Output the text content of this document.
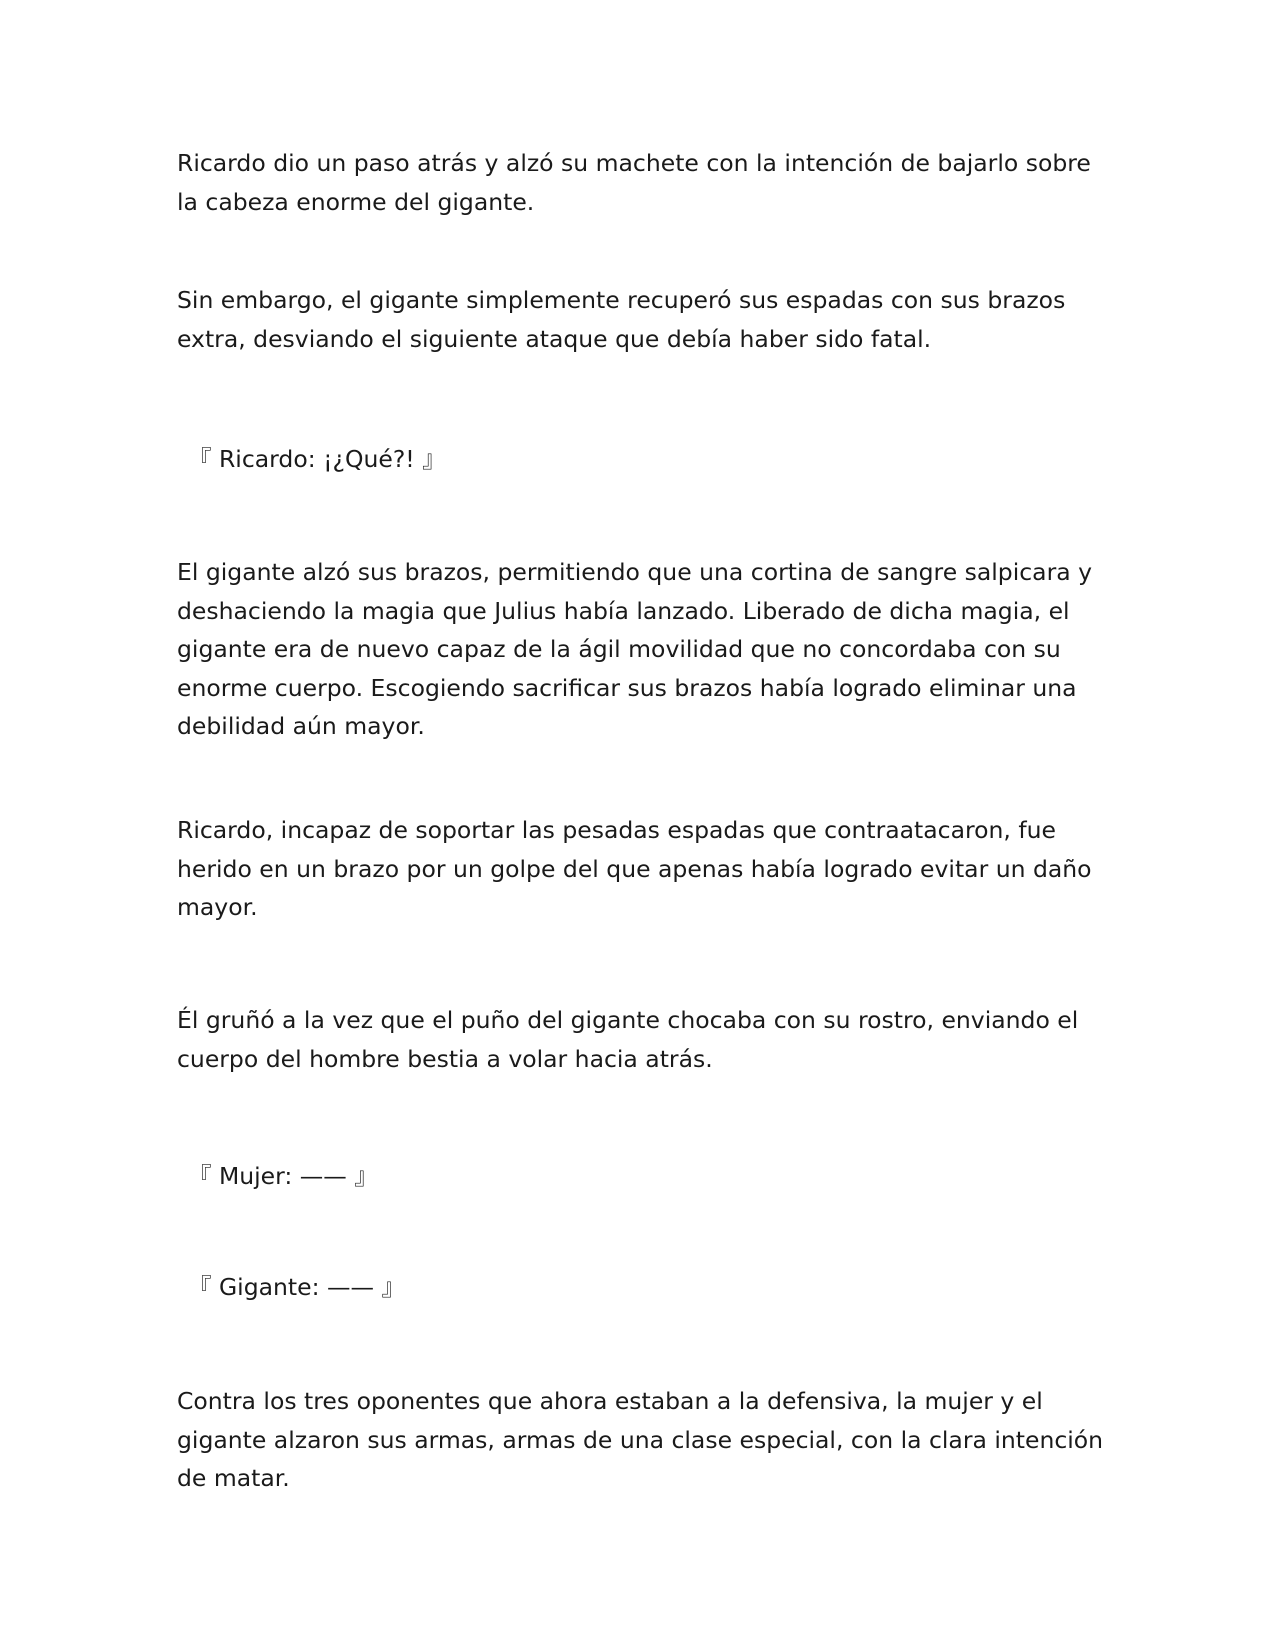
Ricardo dio un paso atrás y alzó su machete con la intención de bajarlo sobre
la cabeza enorme del gigante.

Sin embargo, el gigante simplemente recuperó sus espadas con sus brazos
extra, desviando el siguiente ataque que debía haber sido fatal.

『 Ricardo: ¡¿Qué?! 』

El gigante alzó sus brazos, permitiendo que una cortina de sangre salpicara y
deshaciendo la magia que Julius había lanzado. Liberado de dicha magia, el
gigante era de nuevo capaz de la ágil movilidad que no concordaba con su
enorme cuerpo. Escogiendo sacrificar sus brazos había logrado eliminar una
debilidad aún mayor.

Ricardo, incapaz de soportar las pesadas espadas que contraatacaron, fue
herido en un brazo por un golpe del que apenas había logrado evitar un daño
mayor.

Él gruñó a la vez que el puño del gigante chocaba con su rostro, enviando el
cuerpo del hombre bestia a volar hacia atrás.

『 Mujer: —— 』

『 Gigante: —— 』

Contra los tres oponentes que ahora estaban a la defensiva, la mujer y el
gigante alzaron sus armas, armas de una clase especial, con la clara intención
de matar.
